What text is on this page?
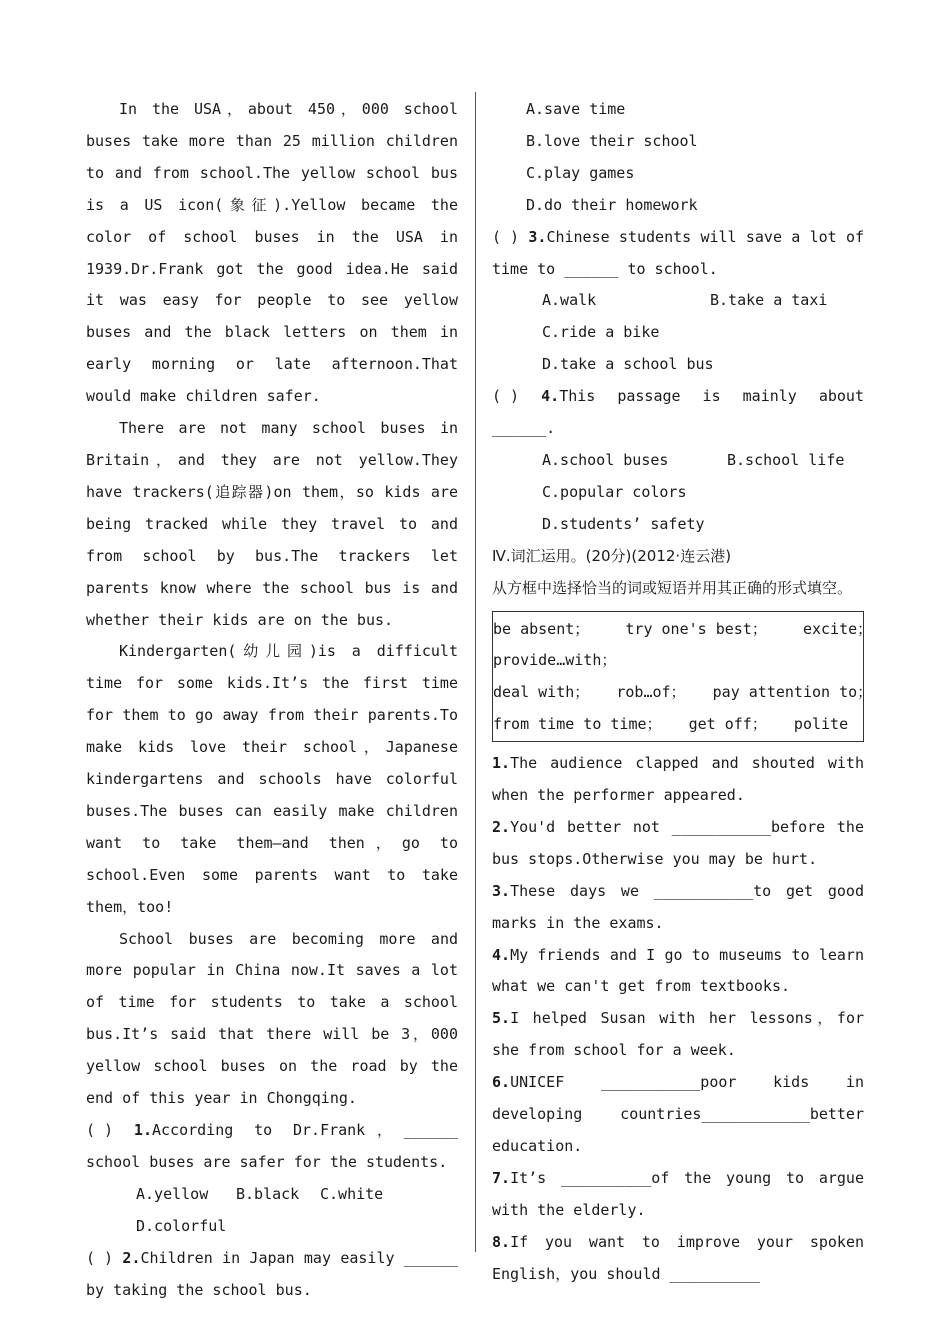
In the USA，about 450，000 school buses take more than 25 million children to and from school.The yellow school bus is a US icon(象征).Yellow became the color of school buses in the USA in 1939.Dr.Frank got the good idea.He said it was easy for people to see yellow buses and the black letters on them in early morning or late afternoon.That would make children safer.

There are not many school buses in Britain，and they are not yellow.They have trackers(追踪器)on them，so kids are being tracked while they travel to and from school by bus.The trackers let parents know where the school bus is and whether their kids are on the bus.

Kindergarten(幼儿园)is a difficult time for some kids.It’s the first time for them to go away from their parents.To make kids love their school，Japanese kindergartens and schools have colorful buses.The buses can easily make children want to take them—and then，go to school.Even some parents want to take them，too!

School buses are becoming more and more popular in China now.It saves a lot of time for students to take a school bus.It’s said that there will be 3，000 yellow school buses on the road by the end of this year in Chongqing.

( ) 1.According to Dr.Frank，______ school buses are safer for the students.
A.yellow B.black C.white
D.colorful
( ) 2.Children in Japan may easily ______ by taking the school bus.
A.save timeB.love their school
C.play gamesD.do their homework
( ) 3.Chinese students will save a lot of time to ______ to school.
A.walk	B.take a taxi
C.ride a bikeD.take a school bus
( ) 4.This passage is mainly about ______.
A.school buses	B.school life
C.popular colorsD.students’ safety

Ⅳ.词汇运用。(20分)(2012·连云港)

从方框中选择恰当的词或短语并用其正确的形式填空。

be absent；    try one's best；    excite；
provide…with；
deal with；   rob…of；   pay attention to；
from time to time；   get off；   polite

1.The audience clapped and shouted with when the performer appeared.

2.You'd better not ___________before the bus stops.Otherwise you may be hurt.

3.These days we ___________to get good marks in the exams.

4.My friends and I go to museums to learn what we can't get from textbooks.

5.I helped Susan with her lessons，for she from school for a week.

6.UNICEF ___________poor kids in developing countries____________better education.

7.It’s __________of the young to argue with the elderly.

8.If you want to improve your spoken English，you should __________
